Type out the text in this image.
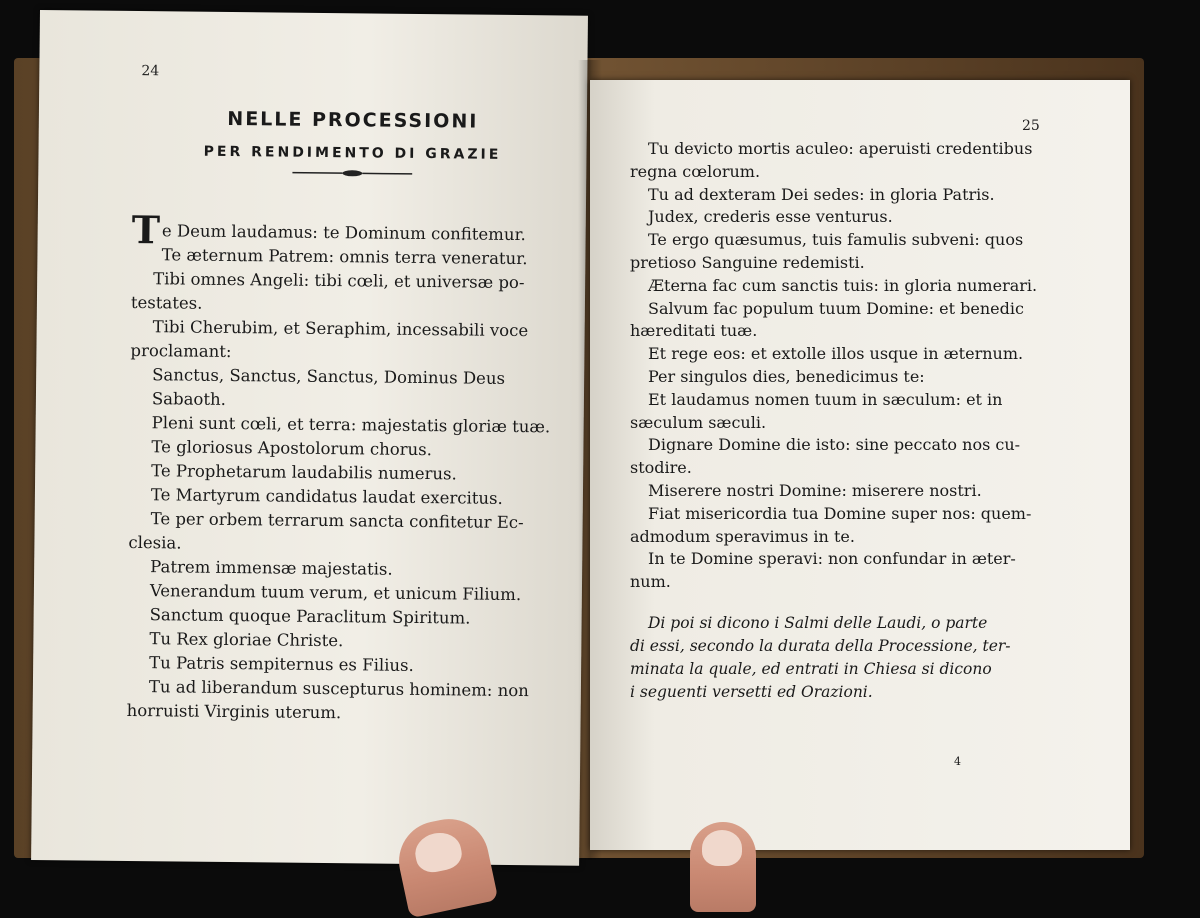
24
NELLE PROCESSIONI
PER RENDIMENTO DI GRAZIE
Te Deum laudamus: te Dominum confitemur.
Te æternum Patrem: omnis terra veneratur.
Tibi omnes Angeli: tibi cœli, et universæ po-
testates.
Tibi Cherubim, et Seraphim, incessabili voce
proclamant:
Sanctus, Sanctus, Sanctus, Dominus Deus Sabaoth.
Pleni sunt cœli, et terra: majestatis gloriæ tuæ.
Te gloriosus Apostolorum chorus.
Te Prophetarum laudabilis numerus.
Te Martyrum candidatus laudat exercitus.
Te per orbem terrarum sancta confitetur Ec-
clesia.
Patrem immensæ majestatis.
Venerandum tuum verum, et unicum Filium.
Sanctum quoque Paraclitum Spiritum.
Tu Rex gloriae Christe.
Tu Patris sempiternus es Filius.
Tu ad liberandum suscepturus hominem: non
horruisti Virginis uterum.
25
Tu devicto mortis aculeo: aperuisti credentibus
regna cœlorum.
Tu ad dexteram Dei sedes: in gloria Patris.
Judex, crederis esse venturus.
Te ergo quæsumus, tuis famulis subveni: quos
pretioso Sanguine redemisti.
Æterna fac cum sanctis tuis: in gloria numerari.
Salvum fac populum tuum Domine: et benedic
hæreditati tuæ.
Et rege eos: et extolle illos usque in æternum.
Per singulos dies, benedicimus te:
Et laudamus nomen tuum in sæculum: et in
sæculum sæculi.
Dignare Domine die isto: sine peccato nos cu-
stodire.
Miserere nostri Domine: miserere nostri.
Fiat misericordia tua Domine super nos: quem-
admodum speravimus in te.
In te Domine speravi: non confundar in æter-
num.
Di poi si dicono i Salmi delle Laudi, o parte
di essi, secondo la durata della Processione, ter-
minata la quale, ed entrati in Chiesa si dicono
i seguenti versetti ed Orazioni.
4
